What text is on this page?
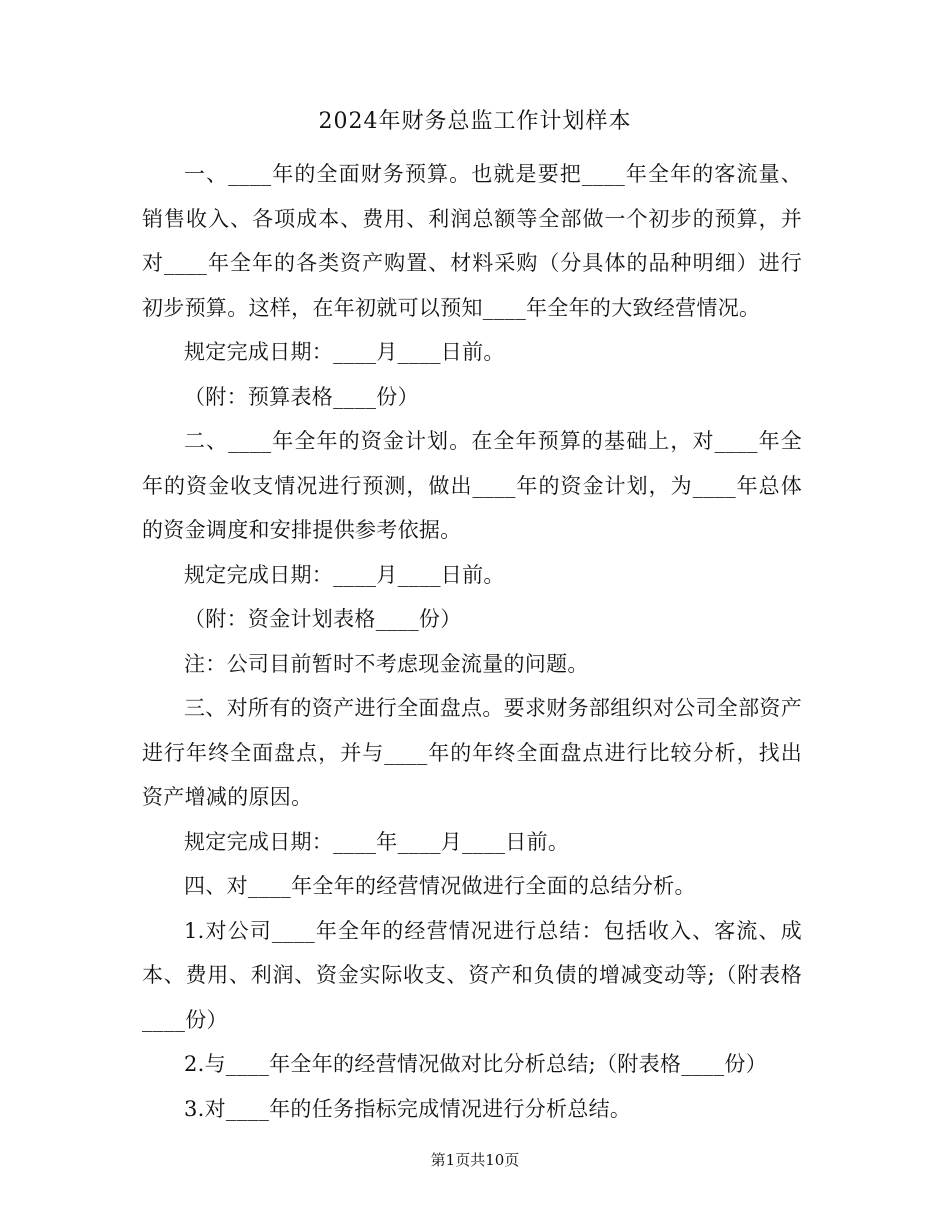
2024年财务总监工作计划样本

一、____年的全面财务预算。也就是要把____年全年的客流量、销售收入、各项成本、费用、利润总额等全部做一个初步的预算，并对____年全年的各类资产购置、材料采购（分具体的品种明细）进行初步预算。这样，在年初就可以预知____年全年的大致经营情况。

规定完成日期：____月____日前。

（附：预算表格____份）

二、____年全年的资金计划。在全年预算的基础上，对____年全年的资金收支情况进行预测，做出____年的资金计划，为____年总体的资金调度和安排提供参考依据。

规定完成日期：____月____日前。

（附：资金计划表格____份）

注：公司目前暂时不考虑现金流量的问题。

三、对所有的资产进行全面盘点。要求财务部组织对公司全部资产进行年终全面盘点，并与____年的年终全面盘点进行比较分析，找出资产增减的原因。

规定完成日期：____年____月____日前。

四、对____年全年的经营情况做进行全面的总结分析。

1.对公司____年全年的经营情况进行总结：包括收入、客流、成本、费用、利润、资金实际收支、资产和负债的增减变动等;（附表格____份）

2.与____年全年的经营情况做对比分析总结;（附表格____份）

3.对____年的任务指标完成情况进行分析总结。

第1页共10页
